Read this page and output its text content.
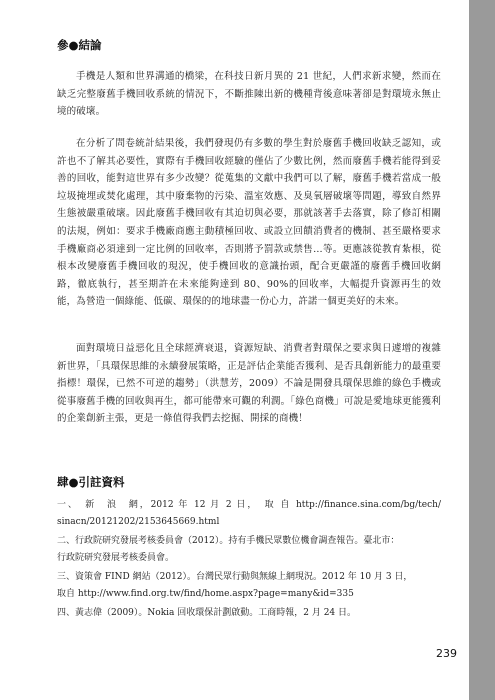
參●結論

手機是人類和世界溝通的橋梁，在科技日新月異的 21 世紀，人們求新求變，然而在缺乏完整廢舊手機回收系統的情況下，不斷推陳出新的機種背後意味著卻是對環境永無止境的破壞。

在分析了問卷統計結果後，我們發現仍有多數的學生對於廢舊手機回收缺乏認知，或許也不了解其必要性，實際有手機回收經驗的僅佔了少數比例，然而廢舊手機若能得到妥善的回收，能對這世界有多少改變？從蒐集的文獻中我們可以了解，廢舊手機若當成一般垃圾掩埋或焚化處理，其中廢棄物的污染、溫室效應、及臭氧層破壞等問題，導致自然界生態被嚴重破壞。因此廢舊手機回收有其迫切與必要，那就該著手去落實，除了修訂相關的法規，例如：要求手機廠商應主動積極回收、或設立回饋消費者的機制、甚至嚴格要求手機廠商必須達到一定比例的回收率，否則將予罰款或禁售…等。更應該從教育紮根，從根本改變廢舊手機回收的現況，使手機回收的意識抬頭，配合更嚴謹的廢舊手機回收網路，徹底執行，甚至期許在未來能夠達到 80、90%的回收率，大幅提升資源再生的效能，為營造一個綠能、低碳、環保的的地球盡一份心力，許諾一個更美好的未來。

面對環境日益惡化且全球經濟衰退，資源短缺、消費者對環保之要求與日遽增的複雜新世界，「具環保思維的永續發展策略，正是評估企業能否獲利、是否具創新能力的最重要指標！環保，已然不可逆的趨勢」（洪慧芳，2009）不論是開發具環保思維的綠色手機或從事廢舊手機的回收與再生，都可能帶來可觀的利潤。「綠色商機」可說是愛地球更能獲利的企業創新主張，更是一條值得我們去挖掘、開採的商機！

肆●引註資料
一、　新　浪　網，2012 年 12 月 2 日，　取 自 http://finance.sina.com/bg/tech/
sinacn/20121202/2153645669.html
二、行政院研究發展考核委員會（2012）。持有手機民眾數位機會調查報告。臺北市：
行政院研究發展考核委員會。
三、資策會 FIND 網站（2012）。台灣民眾行動與無線上網現況。2012 年 10 月 3 日，
取自 http://www.find.org.tw/find/home.aspx?page=many&id=335
四、黃志偉（2009）。Nokia 回收環保計劃啟動。工商時報，2 月 24 日。
239
